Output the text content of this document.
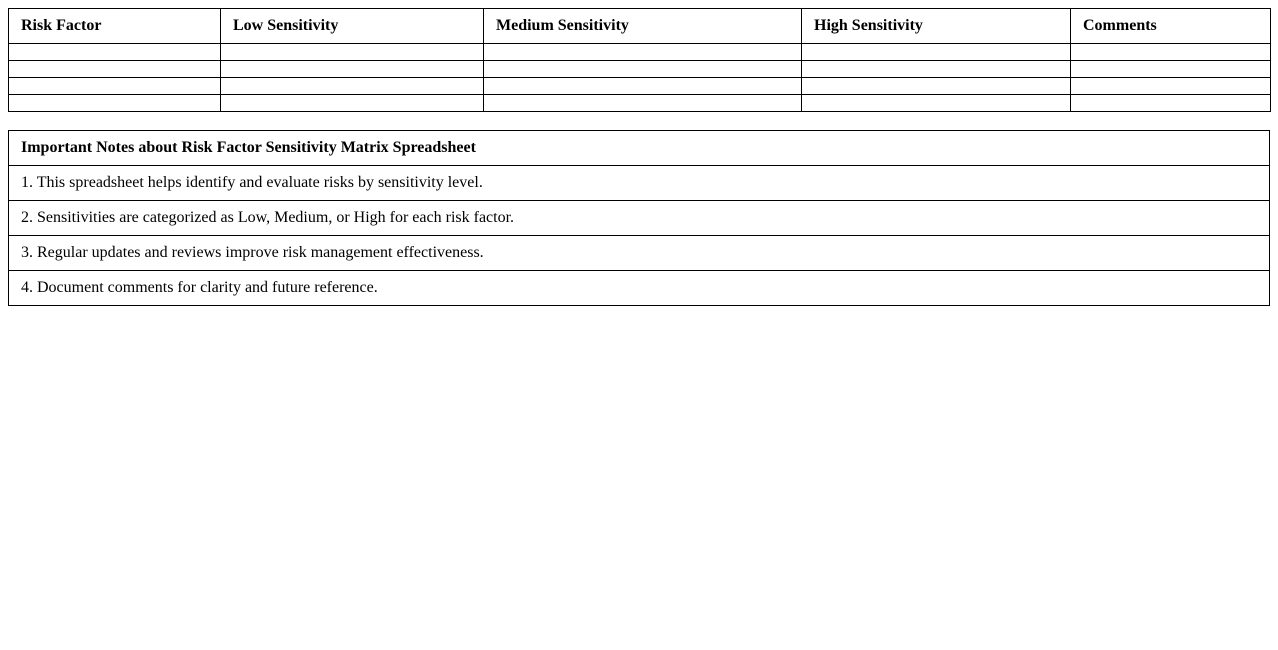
Risk Factor	Low Sensitivity	Medium Sensitivity	High Sensitivity	Comments

Important Notes about Risk Factor Sensitivity Matrix Spreadsheet
1. This spreadsheet helps identify and evaluate risks by sensitivity level.
2. Sensitivities are categorized as Low, Medium, or High for each risk factor.
3. Regular updates and reviews improve risk management effectiveness.
4. Document comments for clarity and future reference.
